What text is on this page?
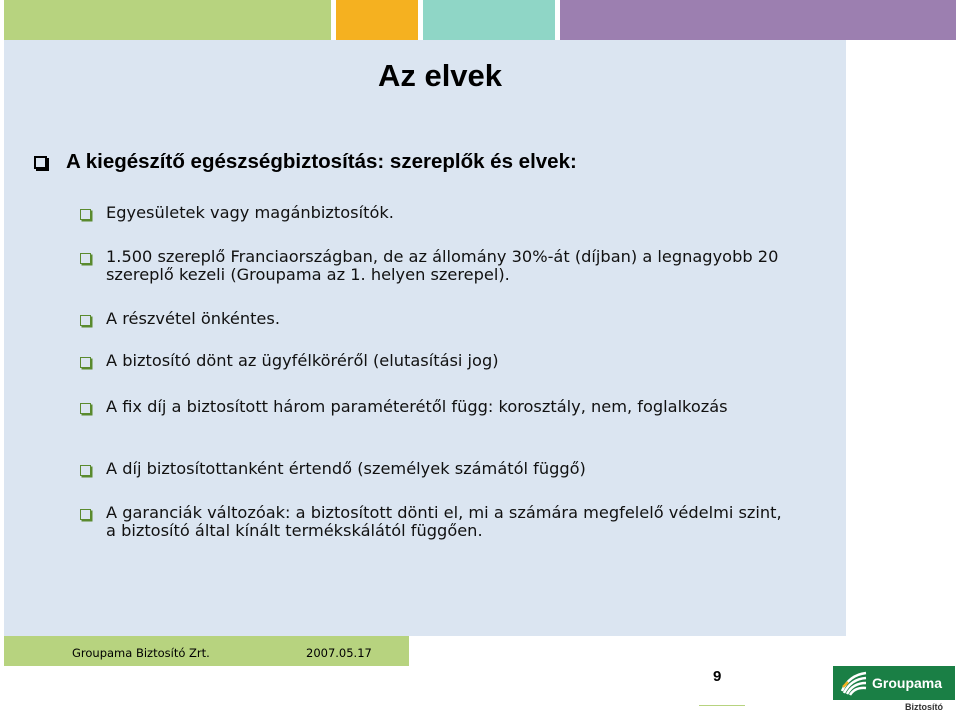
Az elvek
A kiegészítő egészségbiztosítás: szereplők és elvek:
Egyesületek vagy magánbiztosítók.
1.500 szereplő Franciaországban, de az állomány 30%-át (díjban) a legnagyobb 20 szereplő kezeli (Groupama az 1. helyen szerepel).
A részvétel önkéntes.
A biztosító dönt az ügyfélköréről (elutasítási jog)
A fix díj a biztosított három paraméterétől függ: korosztály, nem, foglalkozás
A díj biztosítottanként értendő (személyek számától függő)
A garanciák változóak: a biztosított dönti el, mi a számára megfelelő védelmi szint, a biztosító által kínált termékskálától függően.
Groupama Biztosító Zrt.	2007.05.17
9	Groupama
Biztosító
